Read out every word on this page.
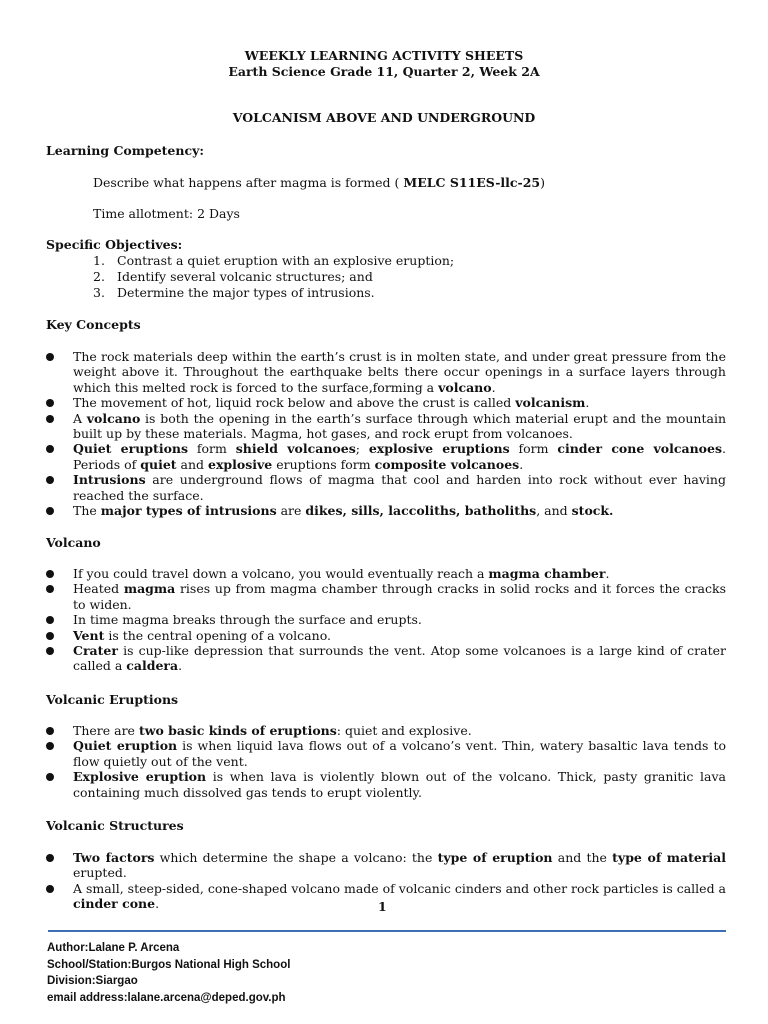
WEEKLY LEARNING ACTIVITY SHEETS
Earth Science Grade 11, Quarter 2, Week 2A
VOLCANISM ABOVE AND UNDERGROUND
Learning Competency:
Describe what happens after magma is formed ( MELC S11ES-llc-25)
Time allotment: 2 Days
Specific Objectives:
1. Contrast a quiet eruption with an explosive eruption;
2. Identify several volcanic structures; and
3. Determine the major types of intrusions.
Key Concepts
The rock materials deep within the earth’s crust is in molten state, and under great pressure from the weight above it. Throughout the earthquake belts there occur openings in a surface layers through which this melted rock is forced to the surface,forming a volcano.
The movement of hot, liquid rock below and above the crust is called volcanism.
A volcano is both the opening in the earth’s surface through which material erupt and the mountain built up by these materials. Magma, hot gases, and rock erupt from volcanoes.
Quiet eruptions form shield volcanoes; explosive eruptions form cinder cone volcanoes. Periods of quiet and explosive eruptions form composite volcanoes.
Intrusions are underground flows of magma that cool and harden into rock without ever having reached the surface.
The major types of intrusions are dikes, sills, laccoliths, batholiths, and stock.
Volcano
If you could travel down a volcano, you would eventually reach a magma chamber.
Heated magma rises up from magma chamber through cracks in solid rocks and it forces the cracks to widen.
In time magma breaks through the surface and erupts.
Vent is the central opening of a volcano.
Crater is cup-like depression that surrounds the vent. Atop some volcanoes is a large kind of crater called a caldera.
Volcanic Eruptions
There are two basic kinds of eruptions: quiet and explosive.
Quiet eruption is when liquid lava flows out of a volcano’s vent. Thin, watery basaltic lava tends to flow quietly out of the vent.
Explosive eruption is when lava is violently blown out of the volcano. Thick, pasty granitic lava containing much dissolved gas tends to erupt violently.
Volcanic Structures
Two factors which determine the shape a volcano: the type of eruption and the type of material erupted.
A small, steep-sided, cone-shaped volcano made of volcanic cinders and other rock particles is called a cinder cone.	1
Author:Lalane P. Arcena
School/Station:Burgos National High School
Division:Siargao
email address:lalane.arcena@deped.gov.ph
